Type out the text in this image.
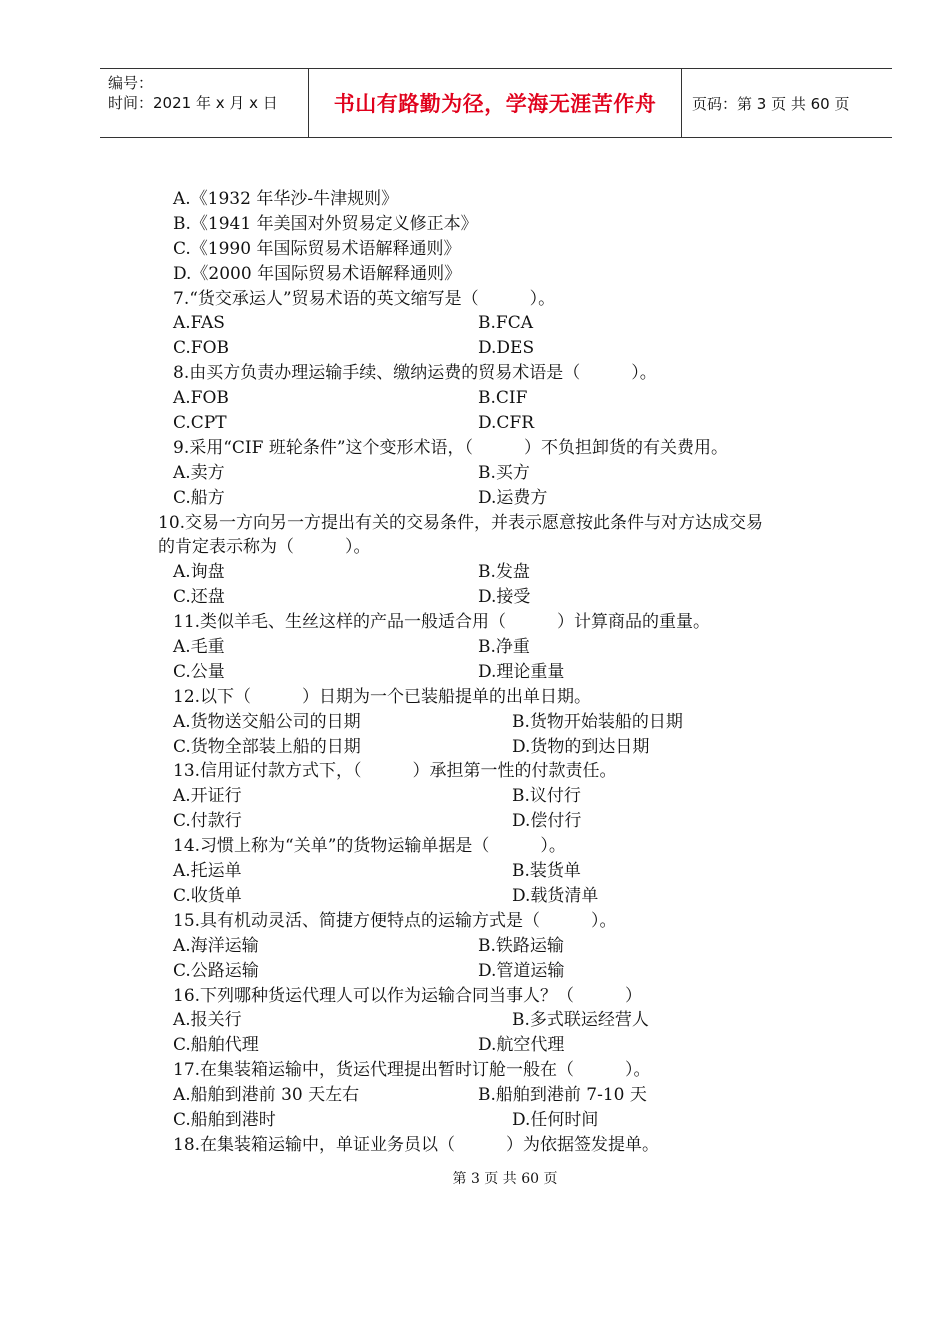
编号：
时间：2021 年 x 月 x 日	书山有路勤为径，学海无涯苦作舟	页码：第 3 页 共 60 页
A.《1932 年华沙-牛津规则》
B.《1941 年美国对外贸易定义修正本》
C.《1990 年国际贸易术语解释通则》
D.《2000 年国际贸易术语解释通则》
7.“货交承运人”贸易术语的英文缩写是（　　　）。
A.FAS	B.FCA
C.FOB	D.DES
8.由买方负责办理运输手续、缴纳运费的贸易术语是（　　　）。
A.FOB	B.CIF
C.CPT	D.CFR
9.采用“CIF 班轮条件”这个变形术语，（　　　）不负担卸货的有关费用。
A.卖方	B.买方
C.船方	D.运费方
10.交易一方向另一方提出有关的交易条件，并表示愿意按此条件与对方达成交易
的肯定表示称为（　　　）。
A.询盘	B.发盘
C.还盘	D.接受
11.类似羊毛、生丝这样的产品一般适合用（　　　）计算商品的重量。
A.毛重	B.净重
C.公量	D.理论重量
12.以下（　　　）日期为一个已装船提单的出单日期。
A.货物送交船公司的日期	B.货物开始装船的日期
C.货物全部装上船的日期	D.货物的到达日期
13.信用证付款方式下，（　　　）承担第一性的付款责任。
A.开证行	B.议付行
C.付款行	D.偿付行
14.习惯上称为“关单”的货物运输单据是（　　　）。
A.托运单	B.装货单
C.收货单	D.载货清单
15.具有机动灵活、简捷方便特点的运输方式是（　　　）。
A.海洋运输	B.铁路运输
C.公路运输	D.管道运输
16.下列哪种货运代理人可以作为运输合同当事人？（　　　）
A.报关行	B.多式联运经营人
C.船舶代理	D.航空代理
17.在集装箱运输中，货运代理提出暂时订舱一般在（　　　）。
A.船舶到港前 30 天左右	B.船舶到港前 7-10 天
C.船舶到港时	D.任何时间
18.在集装箱运输中，单证业务员以（　　　）为依据签发提单。
第 3 页 共 60 页
